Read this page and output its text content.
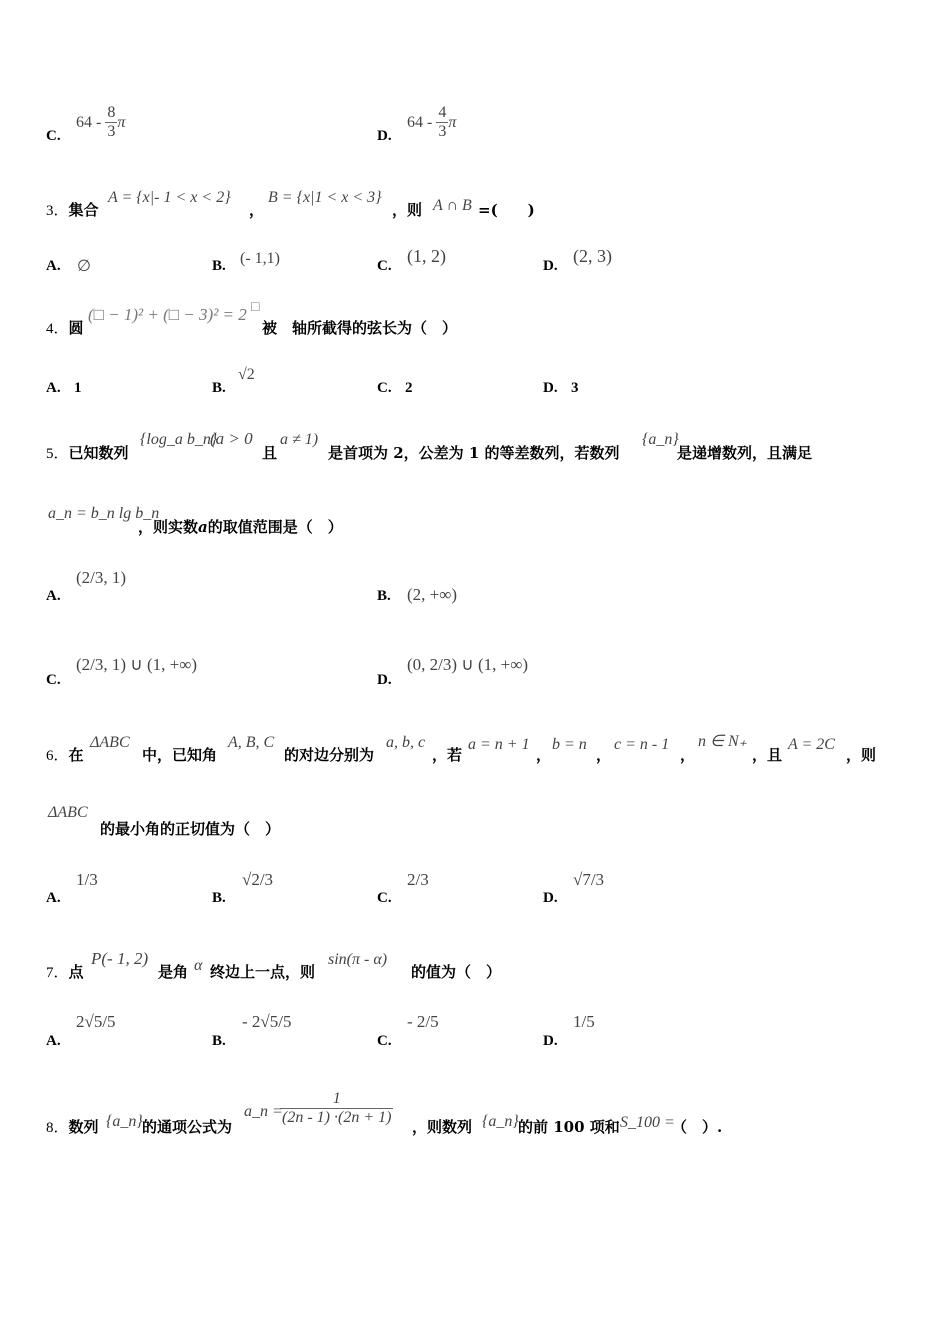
C.
64 -
$\frac{8}{3}$ π
D.
64 -
$\frac{4}{3}$ π
3．集合
A = {x|- 1 < x < 2}
，
B = {x|1 < x < 3}
，则 A ∩ B =(　　)
A. ∅	B. (- 1,1)	C. (1, 2)	D. (2, 3)
4．圆
(□ − 1)² + (□ − 3)² = 2 □
被 轴所截得的弦长为（　）
A. 1	B.
√2
C. 2	D. 3
5．已知数列
{log_a b_n}
(a > 0
且
a ≠ 1)
是首项为 2，公差为 1 的等差数列，若数列
{a_n}
是递增数列，且满足
a_n = b_n lg b_n
，则实数a的取值范围是（　）
A.
(2/3, 1)
B. (2, +∞)
C.
(2/3, 1) ∪ (1, +∞)
D.
(0, 2/3) ∪ (1, +∞)
6．在
ΔABC
中，已知角
A, B, C
的对边分别为
a, b, c
，若
a = n + 1
，
b = n
，
c = n - 1
，
n ∈ N₊
，且
A = 2C
，则
ΔABC
的最小角的正切值为（　）
A.
1/3
B.
√2/3
C.
2/3
D.
√7/3
7．点
P(- 1, 2)
是角 α 终边上一点，则
sin(π - α)
的值为（　）
A.
2√5/5
B.
- 2√5/5
C.
- 2/5
D.
1/5
8．数列 {a_n} 的通项公式为
a_n =
$\frac{1}{(2n - 1) \cdot(2n + 1)}$ ，则数列 {a_n} 的前 100 项和 S_100 =
（　）.
